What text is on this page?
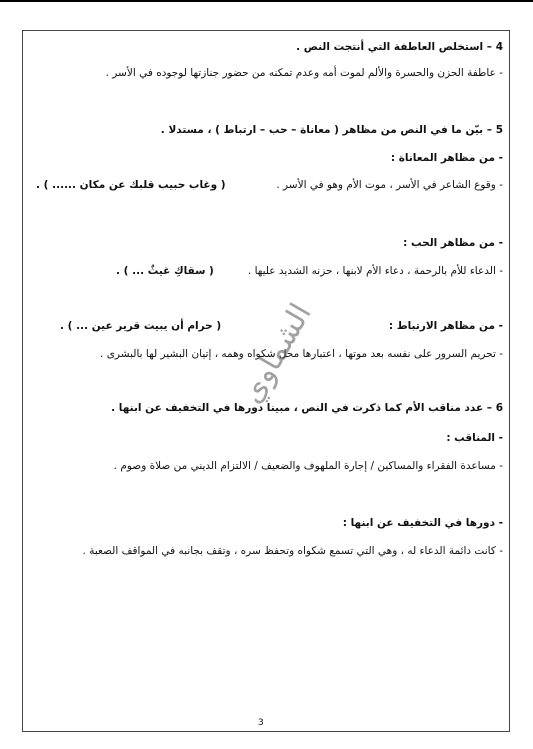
4 – استخلص العاطفة التي أنتجت النص .
- عاطفة الحزن والحسرة والألم لموت أمه وعدم تمكنه من حضور جنازتها لوجوده في الأسر .
5 – بيّن ما في النص من مظاهر ( معاناة – حب – ارتباط ) ، مستدلا .
- من مظاهر المعاناة :
- وقوع الشاعر في الأسر ، موت الأم وهو في الأسر .
( وغاب حبيب قلبك عن مكان ...... ) .
- من مظاهر الحب :
- الدعاء للأم بالرحمة ، دعاء الأم لابنها ، حزنه الشديد عليها .
( سقاكِ غيثٌ ... ) .
- من مظاهر الارتباط :
( حرام أن يبيت قرير عين ... ) .
- تحريم السرور على نفسه بعد موتها ، اعتبارها محل شكواه وهمه ، إتيان البشير لها بالبشرى .
6 – عدد مناقب الأم كما ذكرت في النص ، مبينا دورها في التخفيف عن ابنها .
- المناقب :
- مساعدة الفقراء والمساكين / إجارة الملهوف والضعيف / الالتزام الديني من صلاة وصوم .
- دورها في التخفيف عن ابنها :
- كانت دائمة الدعاء له ، وهي التي تسمع شكواه وتحفظ سره ، وتقف بجانبه في المواقف الصعبة .
الشماوي
3
